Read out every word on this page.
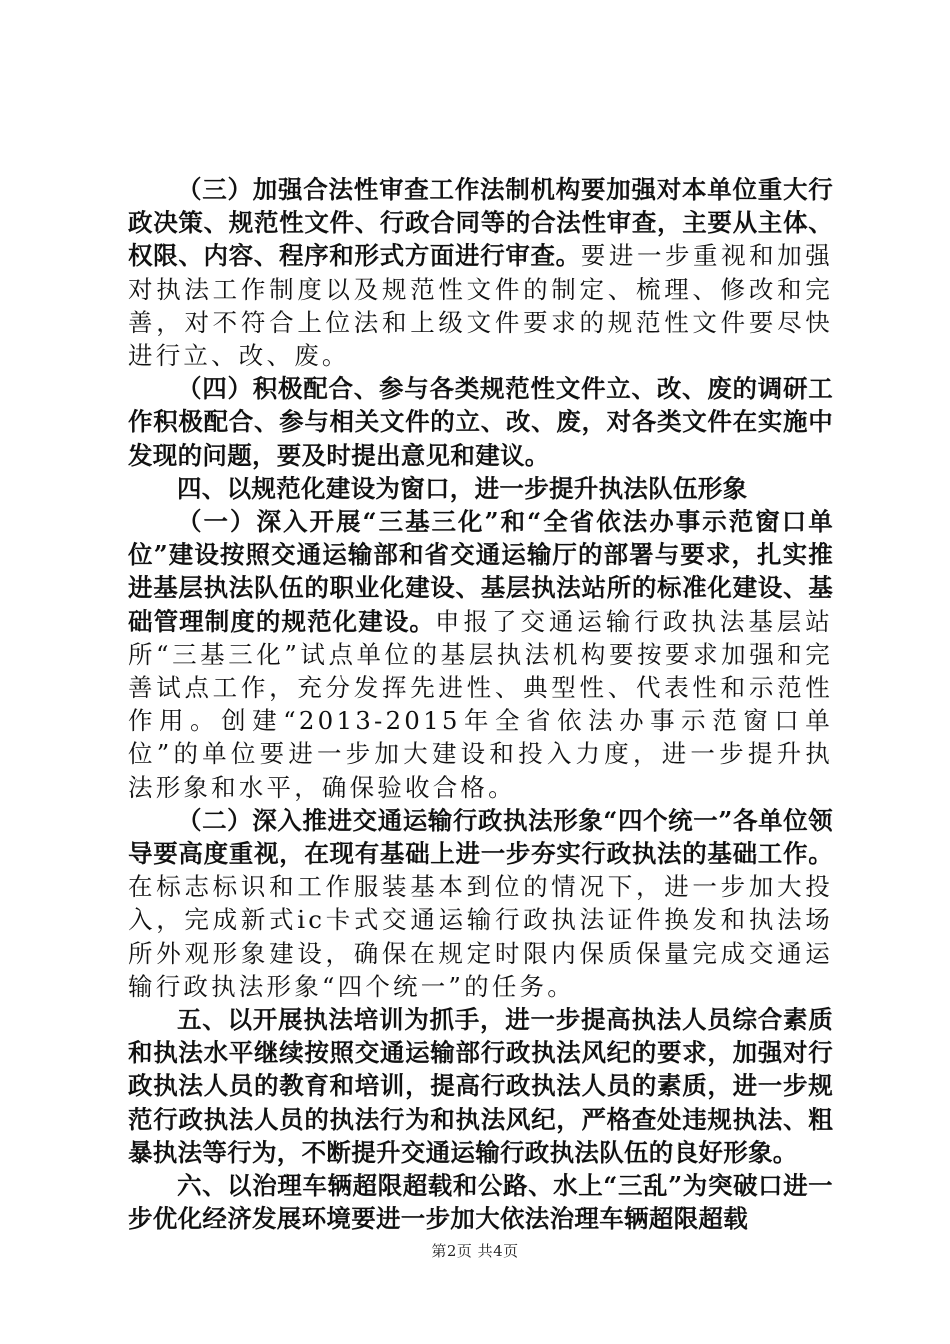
（三）加强合法性审查工作法制机构要加强对本单位重大行政决策、规范性文件、行政合同等的合法性审查，主要从主体、权限、内容、程序和形式方面进行审查。要进一步重视和加强对执法工作制度以及规范性文件的制定、梳理、修改和完善，对不符合上位法和上级文件要求的规范性文件要尽快进行立、改、废。

（四）积极配合、参与各类规范性文件立、改、废的调研工作积极配合、参与相关文件的立、改、废，对各类文件在实施中发现的问题，要及时提出意见和建议。

四、以规范化建设为窗口，进一步提升执法队伍形象

（一）深入开展“三基三化”和“全省依法办事示范窗口单位”建设按照交通运输部和省交通运输厅的部署与要求，扎实推进基层执法队伍的职业化建设、基层执法站所的标准化建设、基础管理制度的规范化建设。申报了交通运输行政执法基层站所“三基三化”试点单位的基层执法机构要按要求加强和完善试点工作，充分发挥先进性、典型性、代表性和示范性作用。创建“2013-2015年全省依法办事示范窗口单位”的单位要进一步加大建设和投入力度，进一步提升执法形象和水平，确保验收合格。

（二）深入推进交通运输行政执法形象“四个统一”各单位领导要高度重视，在现有基础上进一步夯实行政执法的基础工作。在标志标识和工作服装基本到位的情况下，进一步加大投入，完成新式ic卡式交通运输行政执法证件换发和执法场所外观形象建设，确保在规定时限内保质保量完成交通运输行政执法形象“四个统一”的任务。

五、以开展执法培训为抓手，进一步提高执法人员综合素质和执法水平继续按照交通运输部行政执法风纪的要求，加强对行政执法人员的教育和培训，提高行政执法人员的素质，进一步规范行政执法人员的执法行为和执法风纪，严格查处违规执法、粗暴执法等行为，不断提升交通运输行政执法队伍的良好形象。

六、以治理车辆超限超载和公路、水上“三乱”为突破口进一步优化经济发展环境要进一步加大依法治理车辆超限超载

第2页 共4页
